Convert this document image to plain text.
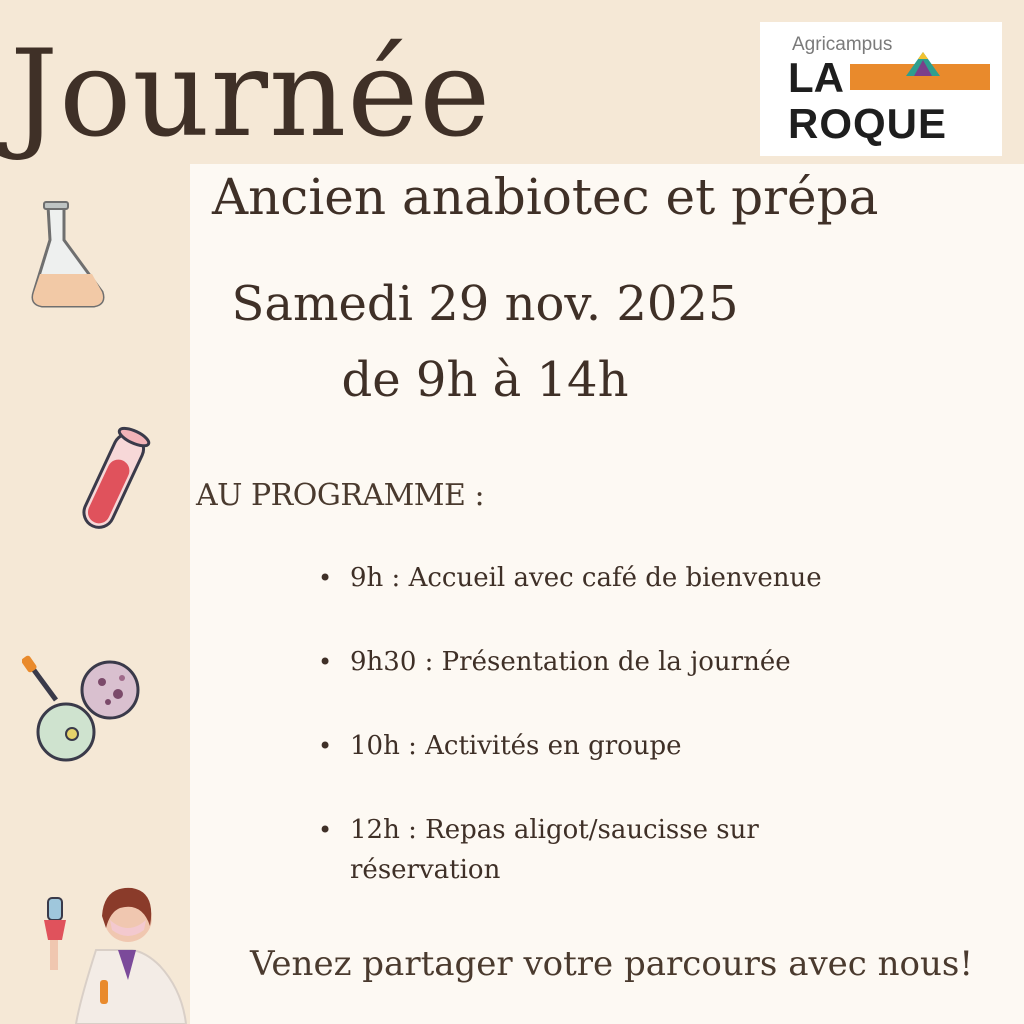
Journée	Agricampus
LA
ROQUE
Ancien anabiotec et prépa
Samedi 29 nov. 2025
de 9h à 14h
AU PROGRAMME :
• 9h : Accueil avec café de bienvenue
• 9h30 : Présentation de la journée
• 10h : Activités en groupe
• 12h : Repas aligot/saucisse sur réservation
Venez partager votre parcours avec nous!
